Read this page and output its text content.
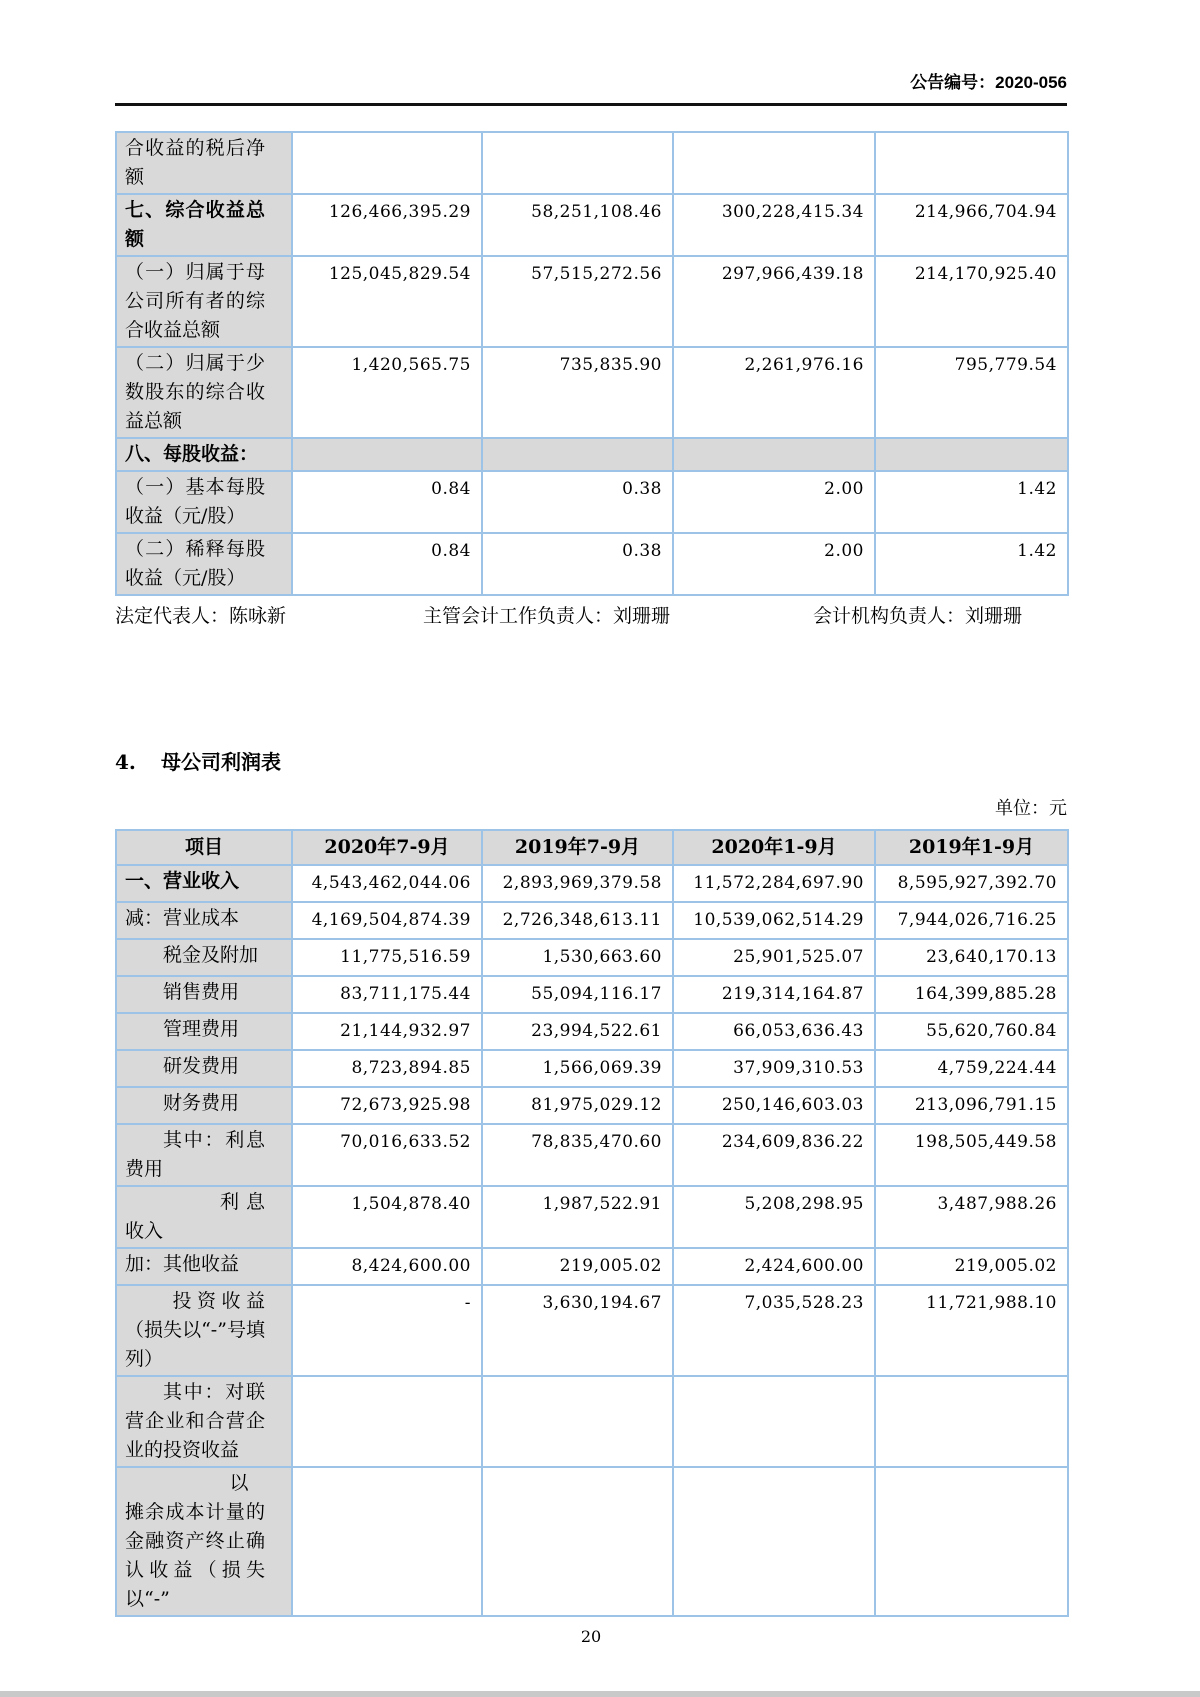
公告编号：2020-056
合收益的税后净额				
七、综合收益总额	126,466,395.29	58,251,108.46	300,228,415.34	214,966,704.94
（一）归属于母公司所有者的综合收益总额	125,045,829.54	57,515,272.56	297,966,439.18	214,170,925.40
（二）归属于少数股东的综合收益总额	1,420,565.75	735,835.90	2,261,976.16	795,779.54
八、每股收益：				
（一）基本每股收益（元/股）	0.84	0.38	2.00	1.42
（二）稀释每股收益（元/股）	0.84	0.38	2.00	1.42
法定代表人：陈咏新	主管会计工作负责人：刘珊珊	会计机构负责人：刘珊珊
4. 母公司利润表
单位：元
项目	2020年7-9月	2019年7-9月	2020年1-9月	2019年1-9月
一、营业收入	4,543,462,044.06	2,893,969,379.58	11,572,284,697.90	8,595,927,392.70
减：营业成本	4,169,504,874.39	2,726,348,613.11	10,539,062,514.29	7,944,026,716.25
税金及附加	11,775,516.59	1,530,663.60	25,901,525.07	23,640,170.13
销售费用	83,711,175.44	55,094,116.17	219,314,164.87	164,399,885.28
管理费用	21,144,932.97	23,994,522.61	66,053,636.43	55,620,760.84
研发费用	8,723,894.85	1,566,069.39	37,909,310.53	4,759,224.44
财务费用	72,673,925.98	81,975,029.12	250,146,603.03	213,096,791.15
其中：利息费用	70,016,633.52	78,835,470.60	234,609,836.22	198,505,449.58
利息收入	1,504,878.40	1,987,522.91	5,208,298.95	3,487,988.26
加：其他收益	8,424,600.00	219,005.02	2,424,600.00	219,005.02
投资收益（损失以“-”号填列）	-	3,630,194.67	7,035,528.23	11,721,988.10
其中：对联营企业和合营企业的投资收益				
以摊余成本计量的金融资产终止确认收益（损失以“-”				
20
